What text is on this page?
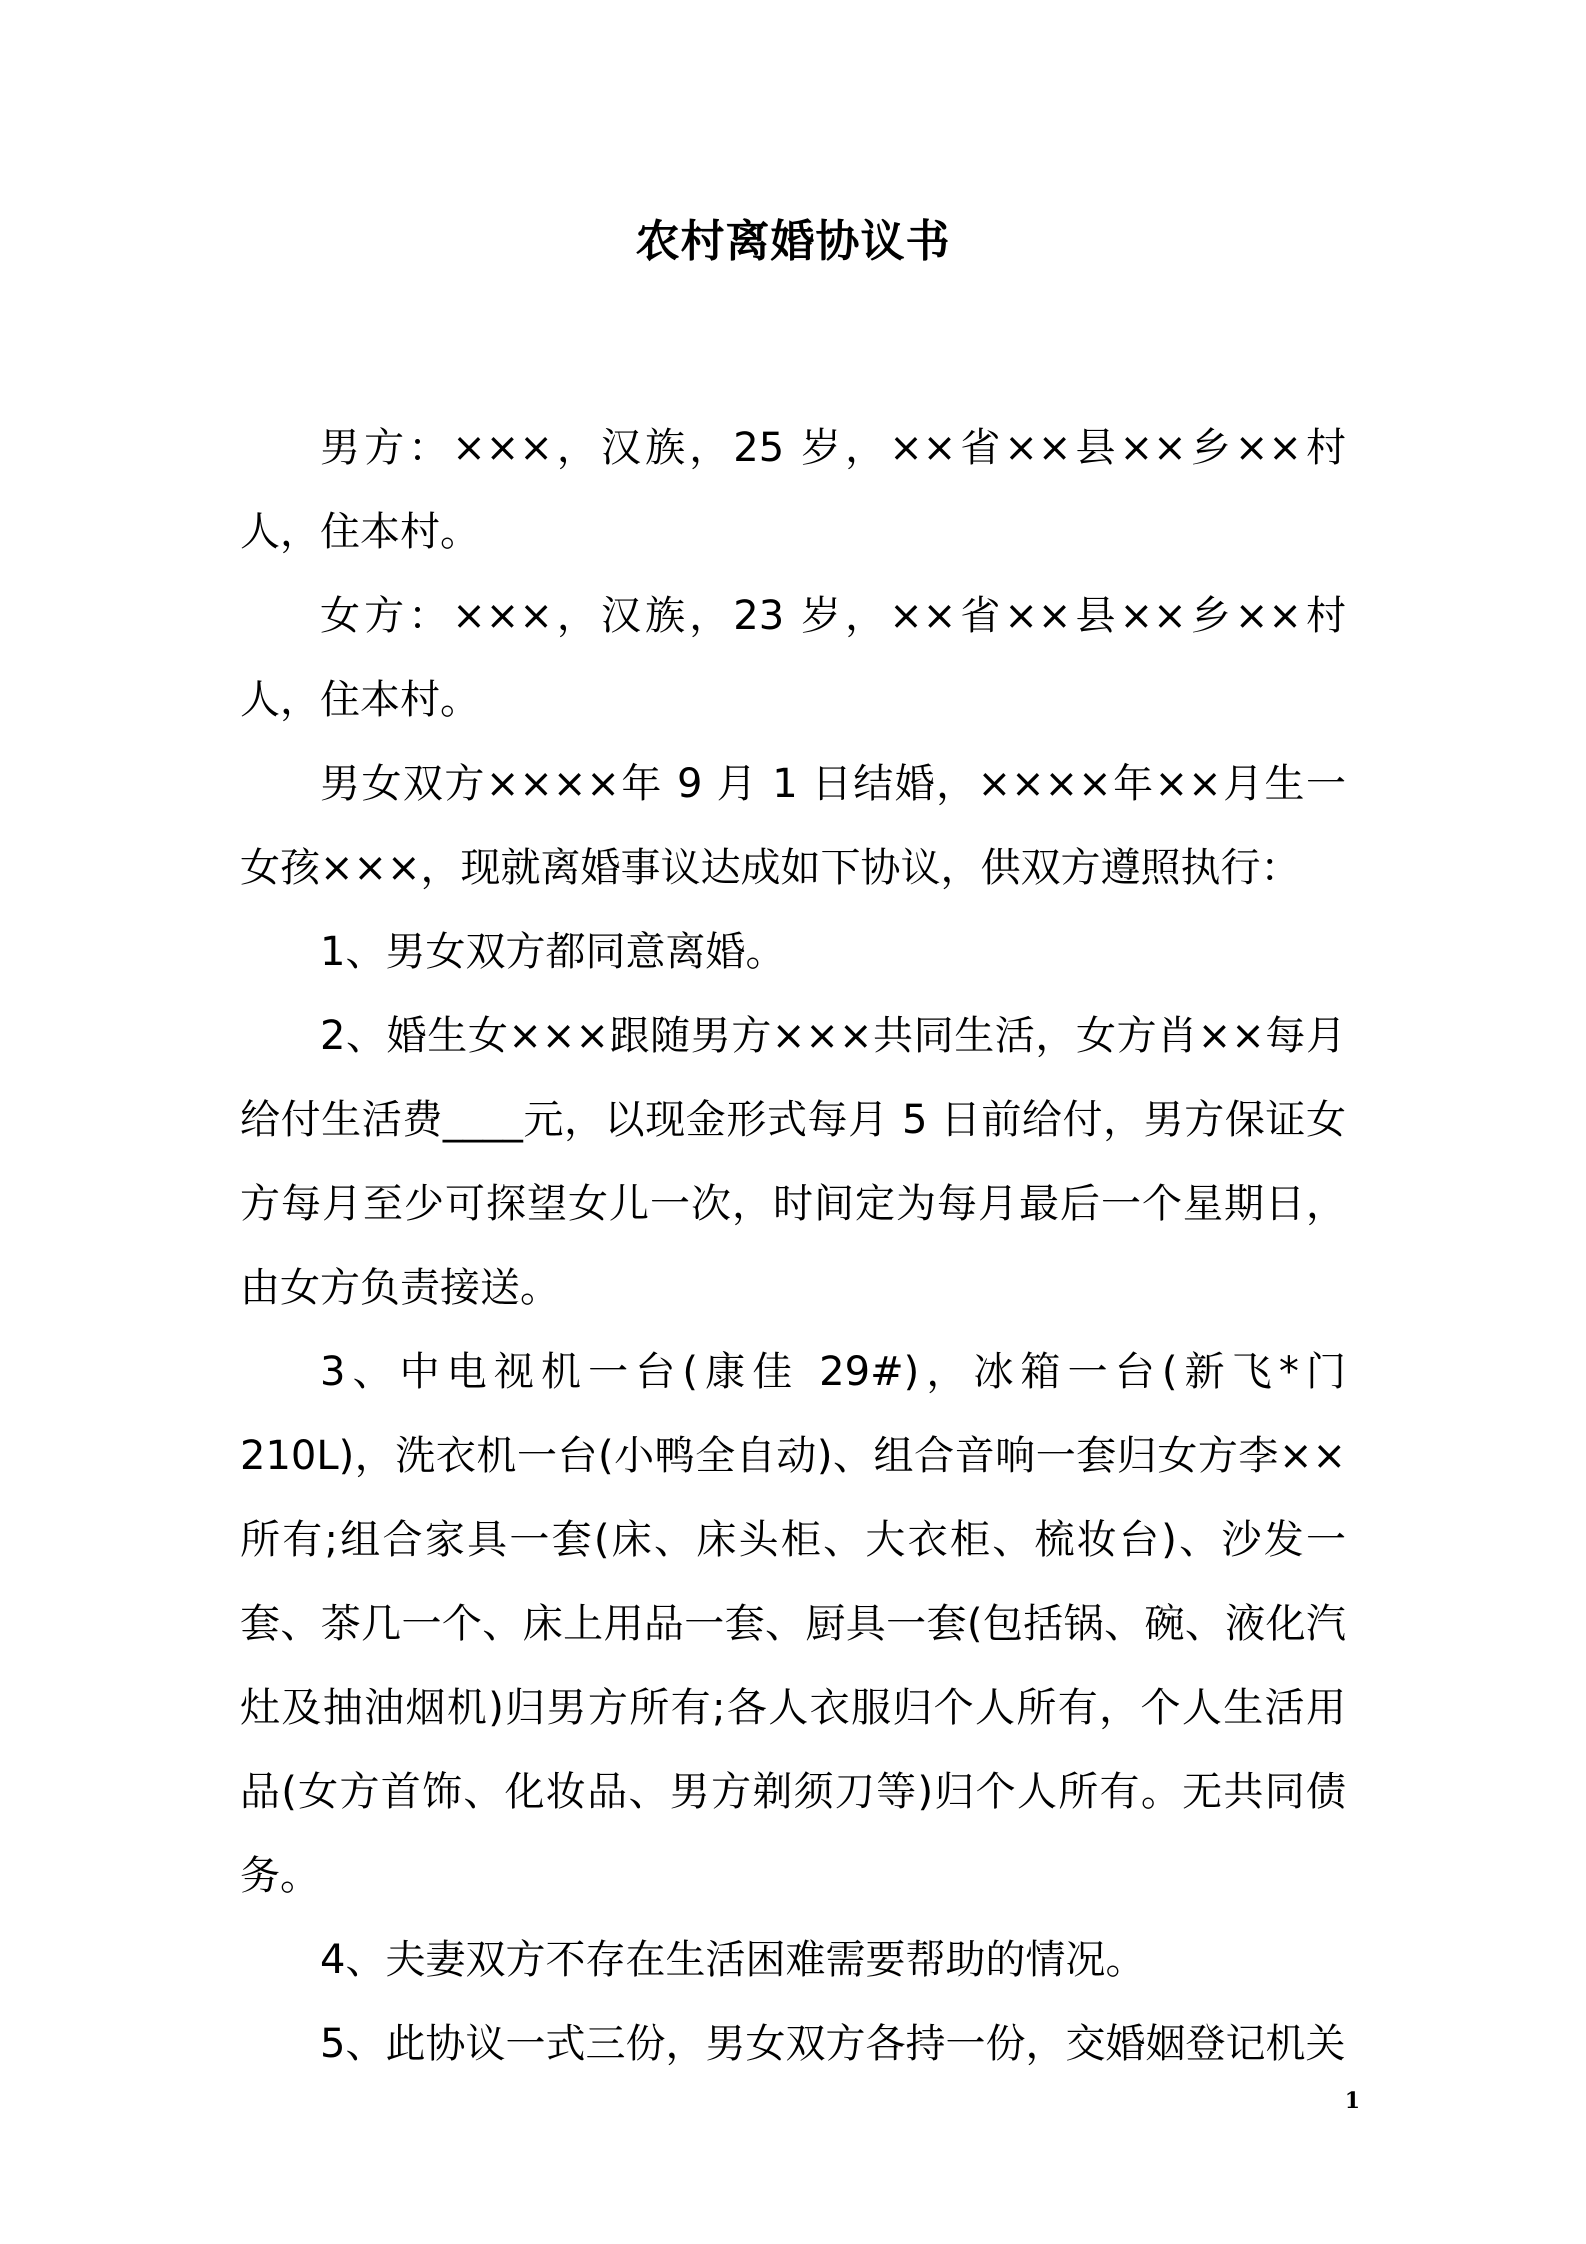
农村离婚协议书

男方：×××，汉族，25 岁，××省××县××乡××村人，住本村。

女方：×××，汉族，23 岁，××省××县××乡××村人，住本村。

男女双方××××年 9 月 1 日结婚，××××年××月生一女孩×××，现就离婚事议达成如下协议，供双方遵照执行：

1、男女双方都同意离婚。

2、婚生女×××跟随男方×××共同生活，女方肖××每月给付生活费____元，以现金形式每月 5 日前给付，男方保证女方每月至少可探望女儿一次，时间定为每月最后一个星期日，由女方负责接送。

3、中电视机一台(康佳 29#)，冰箱一台(新飞*门 210L)，洗衣机一台(小鸭全自动)、组合音响一套归女方李××所有;组合家具一套(床、床头柜、大衣柜、梳妆台)、沙发一套、茶几一个、床上用品一套、厨具一套(包括锅、碗、液化汽灶及抽油烟机)归男方所有;各人衣服归个人所有，个人生活用品(女方首饰、化妆品、男方剃须刀等)归个人所有。无共同债务。

4、夫妻双方不存在生活困难需要帮助的情况。

5、此协议一式三份，男女双方各持一份，交婚姻登记机关

1
